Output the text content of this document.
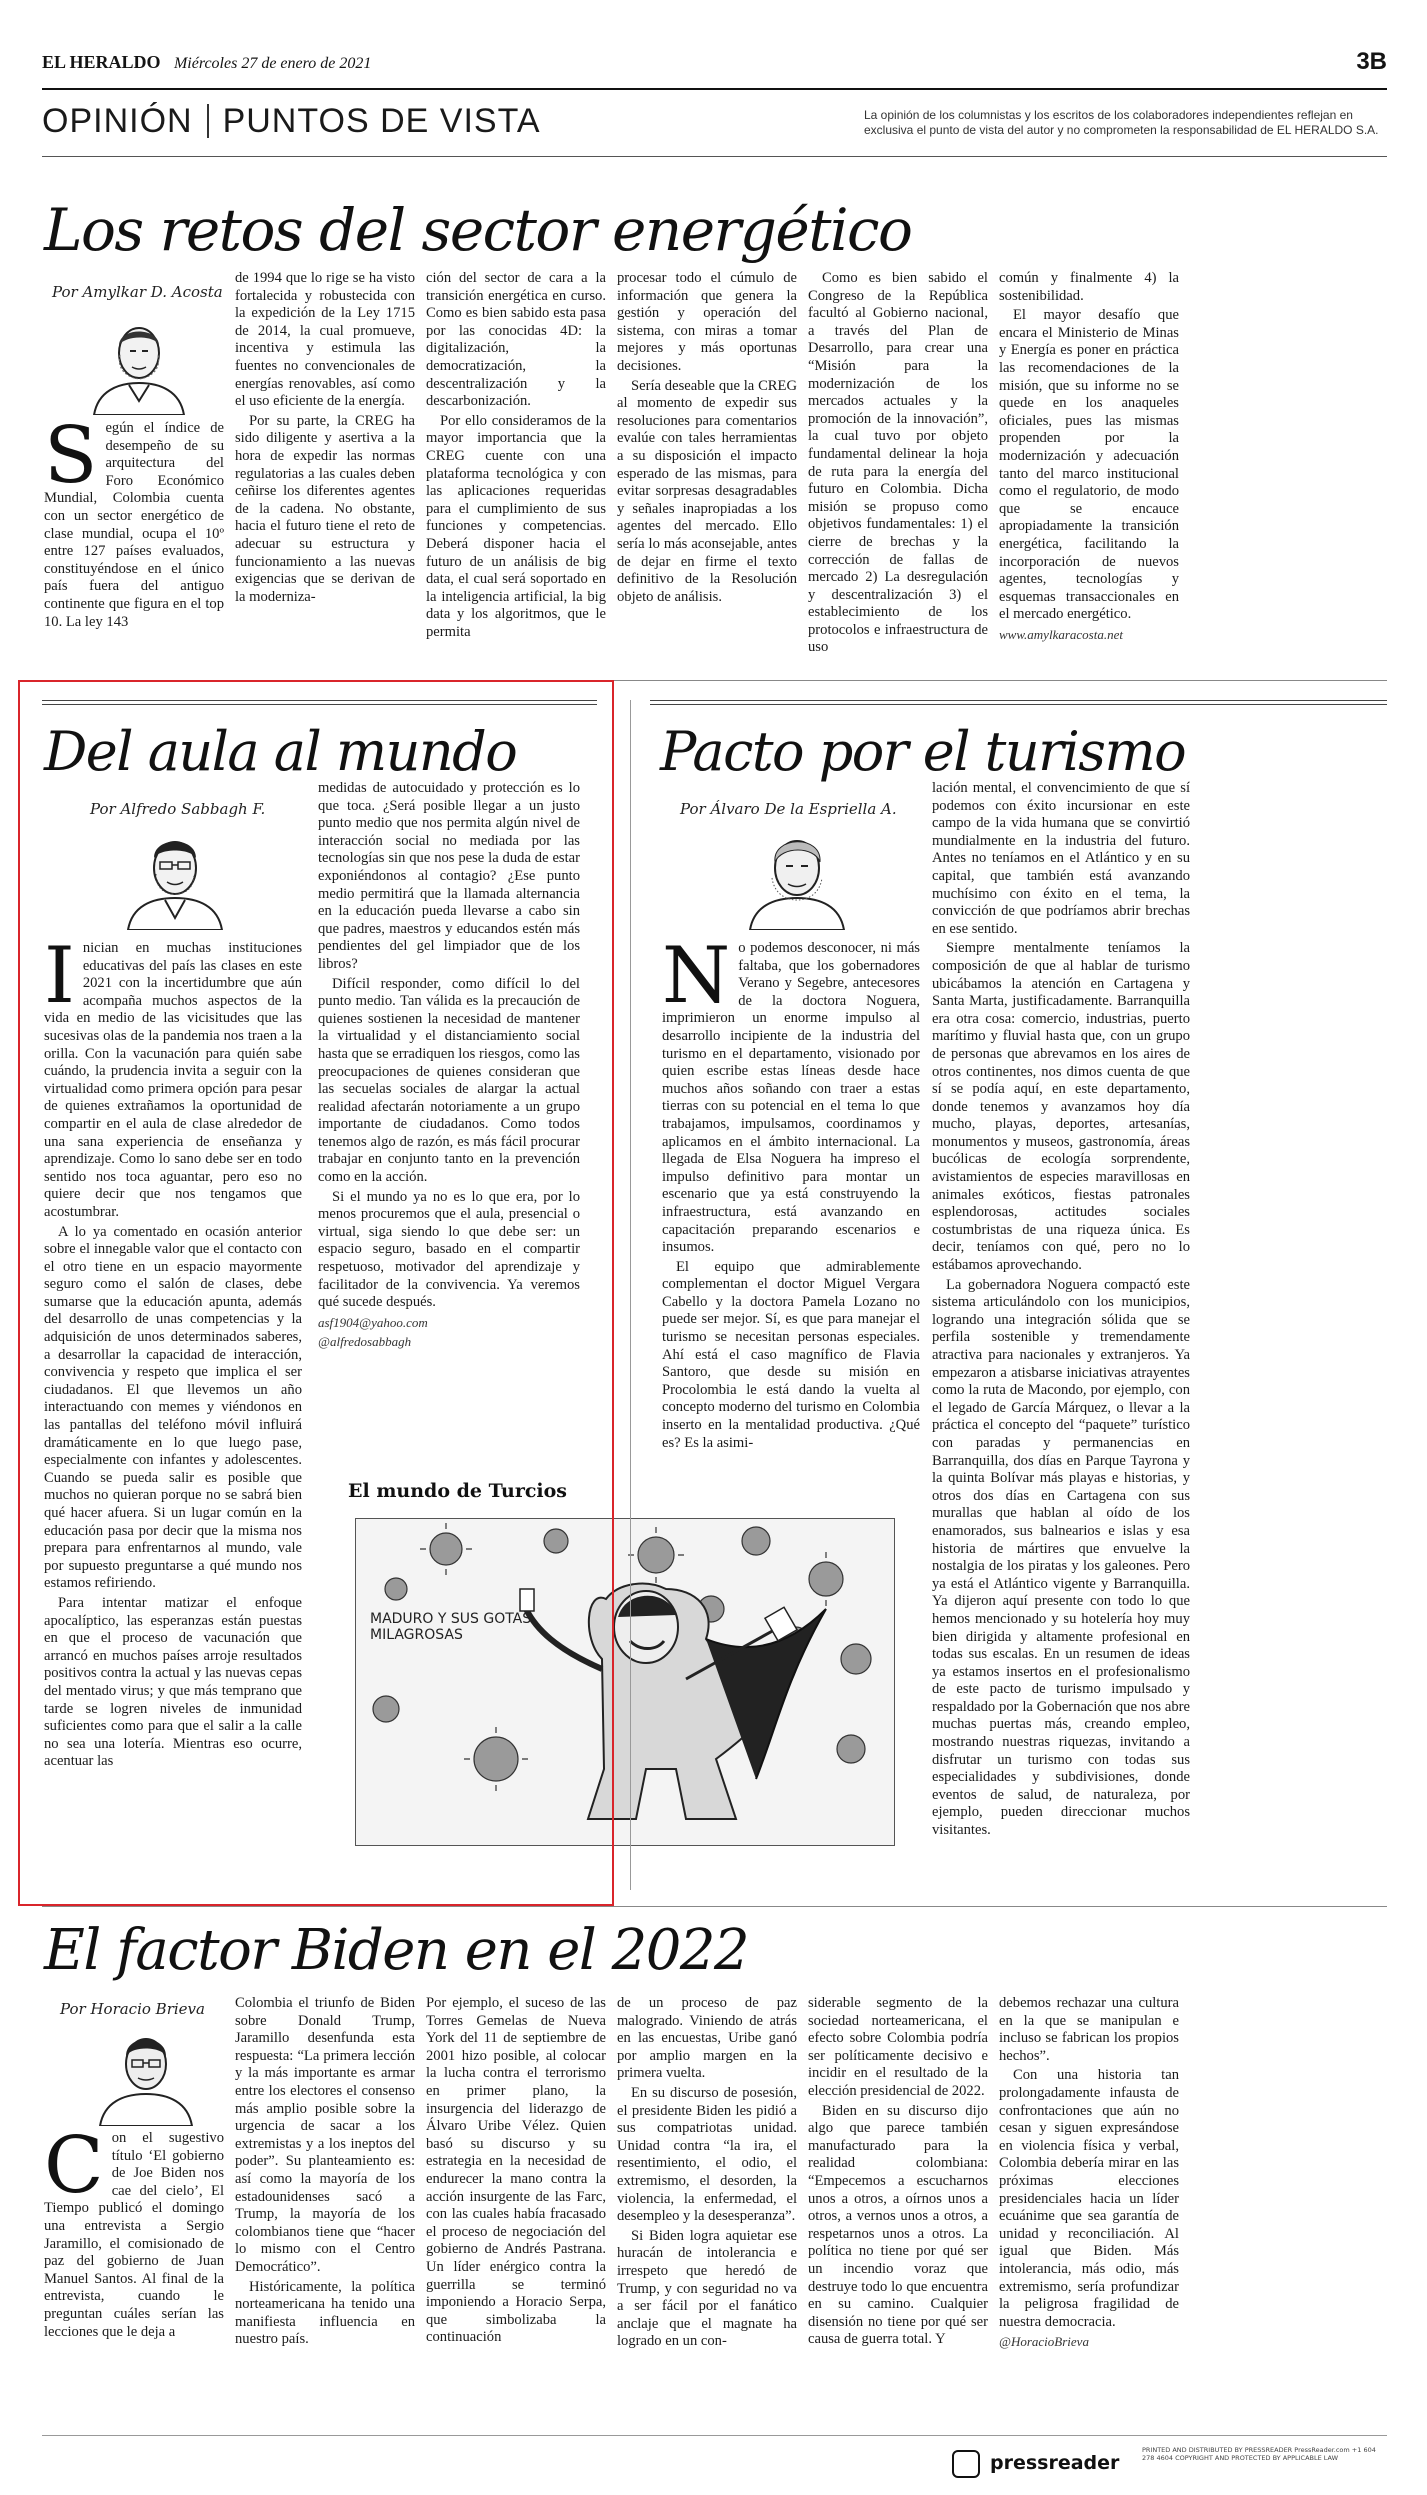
EL HERALDO Miércoles 27 de enero de 2021	3B
OPINIÓN PUNTOS DE VISTA	La opinión de los columnistas y los escritos de los colaboradores independientes reflejan en exclusiva el punto de vista del autor y no comprometen la responsabilidad de EL HERALDO S.A.
Los retos del sector energético
Por Amylkar D. Acosta

Según el índice de desempeño de su arquitectura del Foro Económico Mundial, Colombia cuenta con un sector energético de clase mundial, ocupa el 10º entre 127 países evaluados, constituyéndose en el único país fuera del antiguo continente que figura en el top 10. La ley 143

de 1994 que lo rige se ha visto fortalecida y robustecida con la expedición de la Ley 1715 de 2014, la cual promueve, incentiva y estimula las fuentes no convencionales de energías renovables, así como el uso eficiente de la energía.

Por su parte, la CREG ha sido diligente y asertiva a la hora de expedir las normas regulatorias a las cuales deben ceñirse los diferentes agentes de la cadena. No obstante, hacia el futuro tiene el reto de adecuar su estructura y funcionamiento a las nuevas exigencias que se derivan de la moderniza-

ción del sector de cara a la transición energética en curso. Como es bien sabido esta pasa por las conocidas 4D: la digitalización, la democratización, la descentralización y la descarbonización.

Por ello consideramos de la mayor importancia que la CREG cuente con una plataforma tecnológica y con las aplicaciones requeridas para el cumplimiento de sus funciones y competencias. Deberá disponer hacia el futuro de un análisis de big data, el cual será soportado en la inteligencia artificial, la big data y los algoritmos, que le permita

procesar todo el cúmulo de información que genera la gestión y operación del sistema, con miras a tomar mejores y más oportunas decisiones.

Sería deseable que la CREG al momento de expedir sus resoluciones para comentarios evalúe con tales herramientas a su disposición el impacto esperado de las mismas, para evitar sorpresas desagradables y señales inapropiadas a los agentes del mercado. Ello sería lo más aconsejable, antes de dejar en firme el texto definitivo de la Resolución objeto de análisis.

Como es bien sabido el Congreso de la República facultó al Gobierno nacional, a través del Plan de Desarrollo, para crear una “Misión para la modernización de los mercados actuales y la promoción de la innovación”, la cual tuvo por objeto fundamental delinear la hoja de ruta para la energía del futuro en Colombia. Dicha misión se propuso como objetivos fundamentales: 1) el cierre de brechas y la corrección de fallas de mercado 2) La desregulación y descentralización 3) el establecimiento de los protocolos e infraestructura de uso

común y finalmente 4) la sostenibilidad.

El mayor desafío que encara el Ministerio de Minas y Energía es poner en práctica las recomendaciones de la misión, que su informe no se quede en los anaqueles oficiales, pues las mismas propenden por la modernización y adecuación tanto del marco institucional como el regulatorio, de modo que se encauce apropiadamente la transición energética, facilitando la incorporación de nuevos agentes, tecnologías y esquemas transaccionales en el mercado energético.

www.amylkaracosta.net

Del aula al mundo
Por Alfredo Sabbagh F.

Inician en muchas instituciones educativas del país las clases en este 2021 con la incertidumbre que aún acompaña muchos aspectos de la vida en medio de las vicisitudes que las sucesivas olas de la pandemia nos traen a la orilla. Con la vacunación para quién sabe cuándo, la prudencia invita a seguir con la virtualidad como primera opción para pesar de quienes extrañamos la oportunidad de compartir en el aula de clase alrededor de una sana experiencia de enseñanza y aprendizaje. Como lo sano debe ser en todo sentido nos toca aguantar, pero eso no quiere decir que nos tengamos que acostumbrar.

A lo ya comentado en ocasión anterior sobre el innegable valor que el contacto con el otro tiene en un espacio mayormente seguro como el salón de clases, debe sumarse que la educación apunta, además del desarrollo de unas competencias y la adquisición de unos determinados saberes, a desarrollar la capacidad de interacción, convivencia y respeto que implica el ser ciudadanos. El que llevemos un año interactuando con memes y viéndonos en las pantallas del teléfono móvil influirá dramáticamente en lo que luego pase, especialmente con infantes y adolescentes. Cuando se pueda salir es posible que muchos no quieran porque no se sabrá bien qué hacer afuera. Si un lugar común en la educación pasa por decir que la misma nos prepara para enfrentarnos al mundo, vale por supuesto preguntarse a qué mundo nos estamos refiriendo.

Para intentar matizar el enfoque apocalíptico, las esperanzas están puestas en que el proceso de vacunación que arrancó en muchos países arroje resultados positivos contra la actual y las nuevas cepas del mentado virus; y que más temprano que tarde se logren niveles de inmunidad suficientes como para que el salir a la calle no sea una lotería. Mientras eso ocurre, acentuar las

medidas de autocuidado y protección es lo que toca. ¿Será posible llegar a un justo punto medio que nos permita algún nivel de interacción social no mediada por las tecnologías sin que nos pese la duda de estar exponiéndonos al contagio? ¿Ese punto medio permitirá que la llamada alternancia en la educación pueda llevarse a cabo sin que padres, maestros y educandos estén más pendientes del gel limpiador que de los libros?

Difícil responder, como difícil lo del punto medio. Tan válida es la precaución de quienes sostienen la necesidad de mantener la virtualidad y el distanciamiento social hasta que se erradiquen los riesgos, como las preocupaciones de quienes consideran que las secuelas sociales de alargar la actual realidad afectarán notoriamente a un grupo importante de ciudadanos. Como todos tenemos algo de razón, es más fácil procurar trabajar en conjunto tanto en la prevención como en la acción.

Si el mundo ya no es lo que era, por lo menos procuremos que el aula, presencial o virtual, siga siendo lo que debe ser: un espacio seguro, basado en el compartir respetuoso, motivador del aprendizaje y facilitador de la convivencia. Ya veremos qué sucede después.

asf1904@yahoo.com

@alfredosabbagh

El mundo de Turcios
MADURO Y SUS GOTAS MILAGROSAS
Pacto por el turismo
Por Álvaro De la Espriella A.

No podemos desconocer, ni más faltaba, que los gobernadores Verano y Segebre, antecesores de la doctora Noguera, imprimieron un enorme impulso al desarrollo incipiente de la industria del turismo en el departamento, visionado por quien escribe estas líneas desde hace muchos años soñando con traer a estas tierras con su potencial en el tema lo que trabajamos, impulsamos, coordinamos y aplicamos en el ámbito internacional. La llegada de Elsa Noguera ha impreso el impulso definitivo para montar un escenario que ya está construyendo la infraestructura, está avanzando en capacitación preparando escenarios e insumos.

El equipo que admirablemente complementan el doctor Miguel Vergara Cabello y la doctora Pamela Lozano no puede ser mejor. Sí, es que para manejar el turismo se necesitan personas especiales. Ahí está el caso magnífico de Flavia Santoro, que desde su misión en Procolombia le está dando la vuelta al concepto moderno del turismo en Colombia inserto en la mentalidad productiva. ¿Qué es? Es la asimi-

lación mental, el convencimiento de que sí podemos con éxito incursionar en este campo de la vida humana que se convirtió mundialmente en la industria del futuro. Antes no teníamos en el Atlántico y en su capital, que también está avanzando muchísimo con éxito en el tema, la convicción de que podríamos abrir brechas en ese sentido.

Siempre mentalmente teníamos la composición de que al hablar de turismo ubicábamos la atención en Cartagena y Santa Marta, justificadamente. Barranquilla era otra cosa: comercio, industrias, puerto marítimo y fluvial hasta que, con un grupo de personas que abrevamos en los aires de otros continentes, nos dimos cuenta de que sí se podía aquí, en este departamento, donde tenemos y avanzamos hoy día mucho, playas, deportes, artesanías, monumentos y museos, gastronomía, áreas bucólicas de ecología sorprendente, avistamientos de especies maravillosas en animales exóticos, fiestas patronales esplendorosas, actitudes sociales costumbristas de una riqueza única. Es decir, teníamos con qué, pero no lo estábamos aprovechando.

La gobernadora Noguera compactó este sistema articulándolo con los municipios, logrando una integración sólida que se perfila sostenible y tremendamente atractiva para nacionales y extranjeros. Ya empezaron a atisbarse iniciativas atrayentes como la ruta de Macondo, por ejemplo, con el legado de García Márquez, o llevar a la práctica el concepto del “paquete” turístico con paradas y permanencias en Barranquilla, dos días en Parque Tayrona y la quinta Bolívar más playas e historias, y otros dos días en Cartagena con sus murallas que hablan al oído de los enamorados, sus balnearios e islas y esa historia de mártires que envuelve la nostalgia de los piratas y los galeones. Pero ya está el Atlántico vigente y Barranquilla. Ya dijeron aquí presente con todo lo que hemos mencionado y su hotelería hoy muy bien dirigida y altamente profesional en todas sus escalas. En un resumen de ideas ya estamos insertos en el profesionalismo de este pacto de turismo impulsado y respaldado por la Gobernación que nos abre muchas puertas más, creando empleo, mostrando nuestras riquezas, invitando a disfrutar un turismo con todas sus especialidades y subdivisiones, donde eventos de salud, de naturaleza, por ejemplo, pueden direccionar muchos visitantes.

El factor Biden en el 2022
Por Horacio Brieva

Con el sugestivo título ‘El gobierno de Joe Biden nos cae del cielo’, El Tiempo publicó el domingo una entrevista a Sergio Jaramillo, el comisionado de paz del gobierno de Juan Manuel Santos. Al final de la entrevista, cuando le preguntan cuáles serían las lecciones que le deja a

Colombia el triunfo de Biden sobre Donald Trump, Jaramillo desenfunda esta respuesta: “La primera lección y la más importante es armar entre los electores el consenso más amplio posible sobre la urgencia de sacar a los extremistas y a los ineptos del poder”. Su planteamiento es: así como la mayoría de los estadounidenses sacó a Trump, la mayoría de los colombianos tiene que “hacer lo mismo con el Centro Democrático”.

Históricamente, la política norteamericana ha tenido una manifiesta influencia en nuestro país.

Por ejemplo, el suceso de las Torres Gemelas de Nueva York del 11 de septiembre de 2001 hizo posible, al colocar la lucha contra el terrorismo en primer plano, la insurgencia del liderazgo de Álvaro Uribe Vélez. Quien basó su discurso y su estrategia en la necesidad de endurecer la mano contra la acción insurgente de las Farc, con las cuales había fracasado el proceso de negociación del gobierno de Andrés Pastrana. Un líder enérgico contra la guerrilla se terminó imponiendo a Horacio Serpa, que simbolizaba la continuación

de un proceso de paz malogrado. Viniendo de atrás en las encuestas, Uribe ganó por amplio margen en la primera vuelta.

En su discurso de posesión, el presidente Biden les pidió a sus compatriotas unidad. Unidad contra “la ira, el resentimiento, el odio, el extremismo, el desorden, la violencia, la enfermedad, el desempleo y la desesperanza”.

Si Biden logra aquietar ese huracán de intolerancia e irrespeto que heredó de Trump, y con seguridad no va a ser fácil por el fanático anclaje que el magnate ha logrado en un con-

siderable segmento de la sociedad norteamericana, el efecto sobre Colombia podría ser políticamente decisivo e incidir en el resultado de la elección presidencial de 2022.

Biden en su discurso dijo algo que parece también manufacturado para la realidad colombiana: “Empecemos a escucharnos unos a otros, a oírnos unos a otros, a vernos unos a otros, a respetarnos unos a otros. La política no tiene por qué ser un incendio voraz que destruye todo lo que encuentra en su camino. Cualquier disensión no tiene por qué ser causa de guerra total. Y

debemos rechazar una cultura en la que se manipulan e incluso se fabrican los propios hechos”.

Con una historia tan prolongadamente infausta de confrontaciones que aún no cesan y siguen expresándose en violencia física y verbal, Colombia debería mirar en las próximas elecciones presidenciales hacia un líder ecuánime que sea garantía de unidad y reconciliación. Al igual que Biden. Más intolerancia, más odio, más extremismo, sería profundizar la peligrosa fragilidad de nuestra democracia.

@HoracioBrieva

pressreader
PRINTED AND DISTRIBUTED BY PRESSREADER PressReader.com +1 604 278 4604 COPYRIGHT AND PROTECTED BY APPLICABLE LAW
